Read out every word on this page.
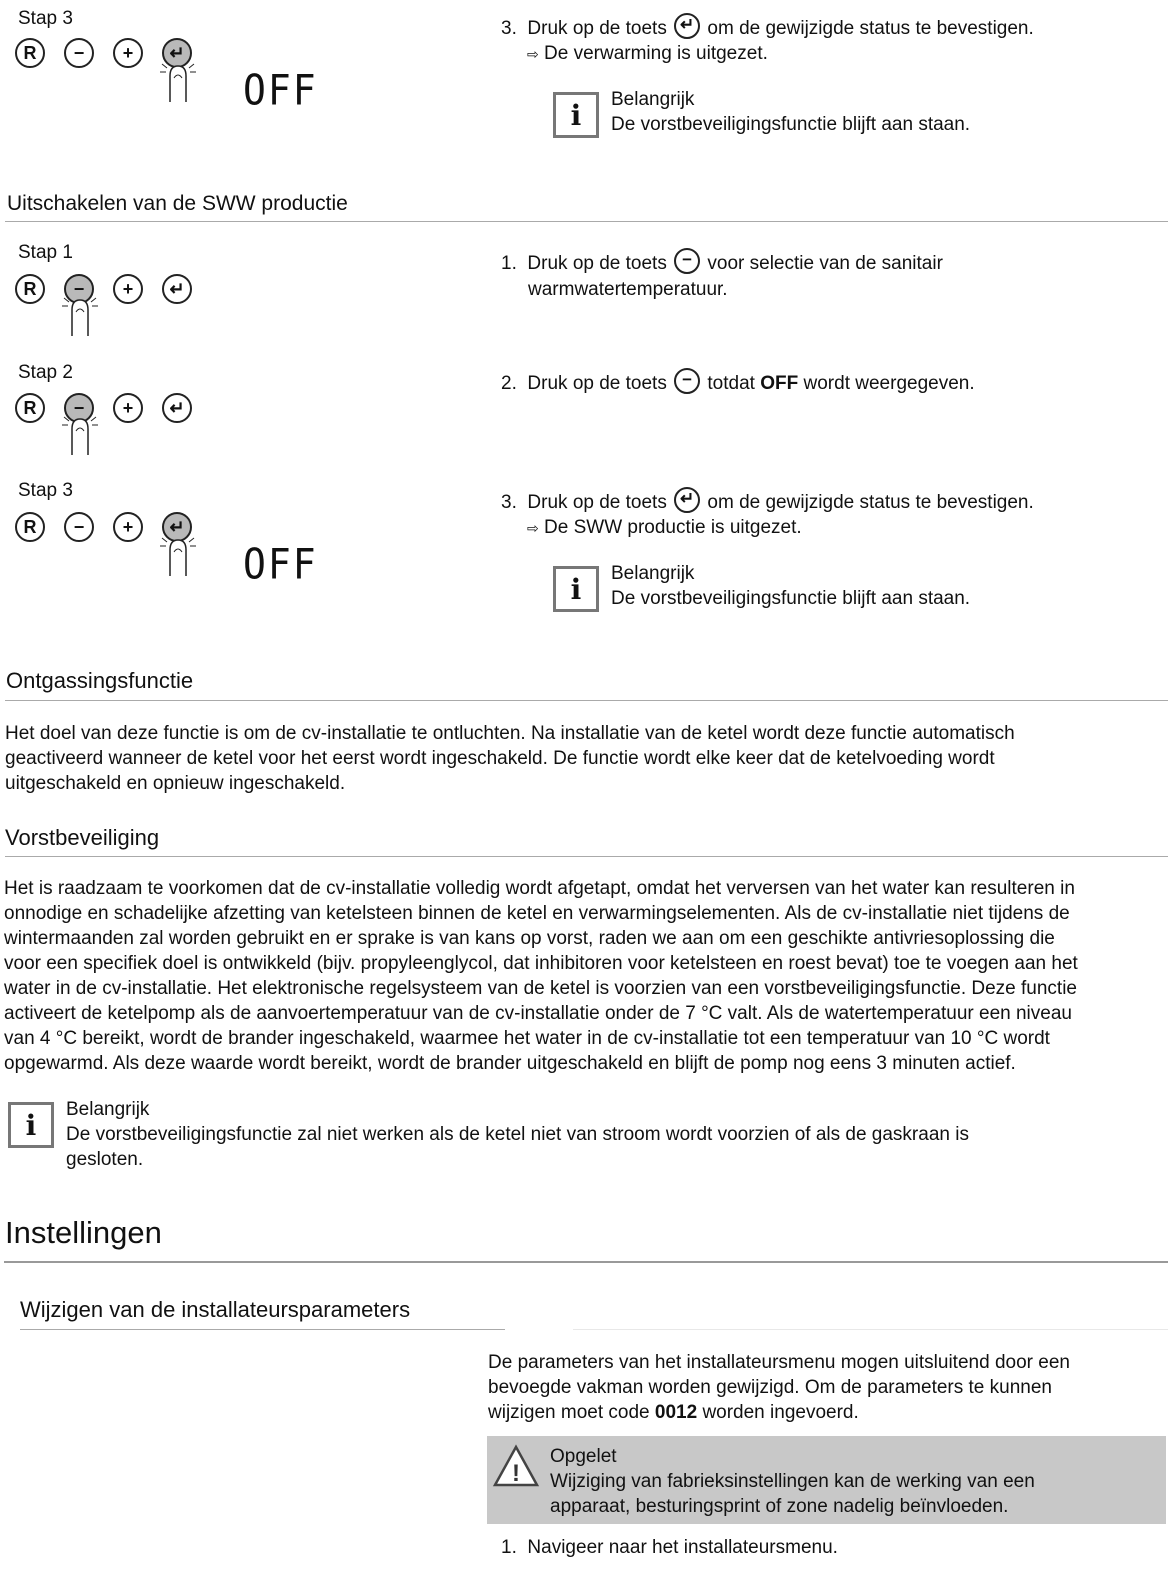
Stap 3
R − + ↵
OFF
3. Druk op de toets ↵ om de gewijzigde status te bevestigen.
⇨ De verwarming is uitgezet.
i Belangrijk
De vorstbeveiligingsfunctie blijft aan staan.
Uitschakelen van de SWW productie
Stap 1
R − + ↵
1. Druk op de toets − voor selectie van de sanitair
warmwatertemperatuur.
Stap 2
R − + ↵
2. Druk op de toets − totdat OFF wordt weergegeven.
Stap 3
R − + ↵
OFF
3. Druk op de toets ↵ om de gewijzigde status te bevestigen.
⇨ De SWW productie is uitgezet.
i Belangrijk
De vorstbeveiligingsfunctie blijft aan staan.
Ontgassingsfunctie
Het doel van deze functie is om de cv-installatie te ontluchten. Na installatie van de ketel wordt deze functie automatisch
geactiveerd wanneer de ketel voor het eerst wordt ingeschakeld. De functie wordt elke keer dat de ketelvoeding wordt
uitgeschakeld en opnieuw ingeschakeld.
Vorstbeveiliging
Het is raadzaam te voorkomen dat de cv-installatie volledig wordt afgetapt, omdat het verversen van het water kan resulteren in
onnodige en schadelijke afzetting van ketelsteen binnen de ketel en verwarmingselementen. Als de cv-installatie niet tijdens de
wintermaanden zal worden gebruikt en er sprake is van kans op vorst, raden we aan om een geschikte antivriesoplossing die
voor een specifiek doel is ontwikkeld (bijv. propyleenglycol, dat inhibitoren voor ketelsteen en roest bevat) toe te voegen aan het
water in de cv-installatie. Het elektronische regelsysteem van de ketel is voorzien van een vorstbeveiligingsfunctie. Deze functie
activeert de ketelpomp als de aanvoertemperatuur van de cv-installatie onder de 7 °C valt. Als de watertemperatuur een niveau
van 4 °C bereikt, wordt de brander ingeschakeld, waarmee het water in de cv-installatie tot een temperatuur van 10 °C wordt
opgewarmd. Als deze waarde wordt bereikt, wordt de brander uitgeschakeld en blijft de pomp nog eens 3 minuten actief.
i Belangrijk
De vorstbeveiligingsfunctie zal niet werken als de ketel niet van stroom wordt voorzien of als de gaskraan is
gesloten.
Instellingen
Wijzigen van de installateursparameters
De parameters van het installateursmenu mogen uitsluitend door een
bevoegde vakman worden gewijzigd. Om de parameters te kunnen
wijzigen moet code 0012 worden ingevoerd.
!
Opgelet
Wijziging van fabrieksinstellingen kan de werking van een
apparaat, besturingsprint of zone nadelig beïnvloeden.
1. Navigeer naar het installateursmenu.
